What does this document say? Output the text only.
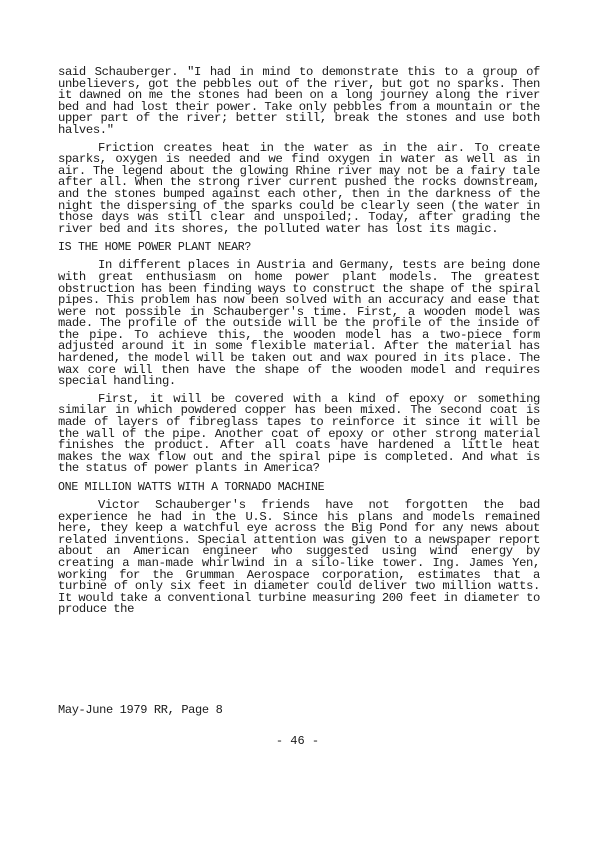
said Schauberger. "I had in mind to demonstrate this to a group of unbelievers, got the pebbles out of the river, but got no sparks. Then it dawned on me the stones had been on a long journey along the river bed and had lost their power. Take only pebbles from a mountain or the upper part of the river; better still, break the stones and use both halves."

Friction creates heat in the water as in the air. To create sparks, oxygen is needed and we find oxygen in water as well as in air. The legend about the glowing Rhine river may not be a fairy tale after all. When the strong river current pushed the rocks downstream, and the stones bumped against each other, then in the darkness of the night the dispersing of the sparks could be clearly seen (the water in those days was still clear and unspoiled;. Today, after grading the river bed and its shores, the polluted water has lost its magic.

IS THE HOME POWER PLANT NEAR?

In different places in Austria and Germany, tests are being done with great enthusiasm on home power plant models. The greatest obstruction has been finding ways to construct the shape of the spiral pipes. This problem has now been solved with an accuracy and ease that were not possible in Schauberger's time. First, a wooden model was made. The profile of the outside will be the profile of the inside of the pipe. To achieve this, the wooden model has a two-piece form adjusted around it in some flexible material. After the material has hardened, the model will be taken out and wax poured in its place. The wax core will then have the shape of the wooden model and requires special handling.

First, it will be covered with a kind of epoxy or something similar in which powdered copper has been mixed. The second coat is made of layers of fibreglass tapes to reinforce it since it will be the wall of the pipe. Another coat of epoxy or other strong material finishes the product. After all coats have hardened a little heat makes the wax flow out and the spiral pipe is completed. And what is the status of power plants in America?

ONE MILLION WATTS WITH A TORNADO MACHINE

Victor Schauberger's friends have not forgotten the bad experience he had in the U.S. Since his plans and models remained here, they keep a watchful eye across the Big Pond for any news about related inventions. Special attention was given to a newspaper report about an American engineer who suggested using wind energy by creating a man-made whirlwind in a silo-like tower. Ing. James Yen, working for the Grumman Aerospace corporation, estimates that a turbine of only six feet in diameter could deliver two million watts. It would take a conventional turbine measuring 200 feet in diameter to produce the

May-June 1979 RR, Page 8
- 46 -
